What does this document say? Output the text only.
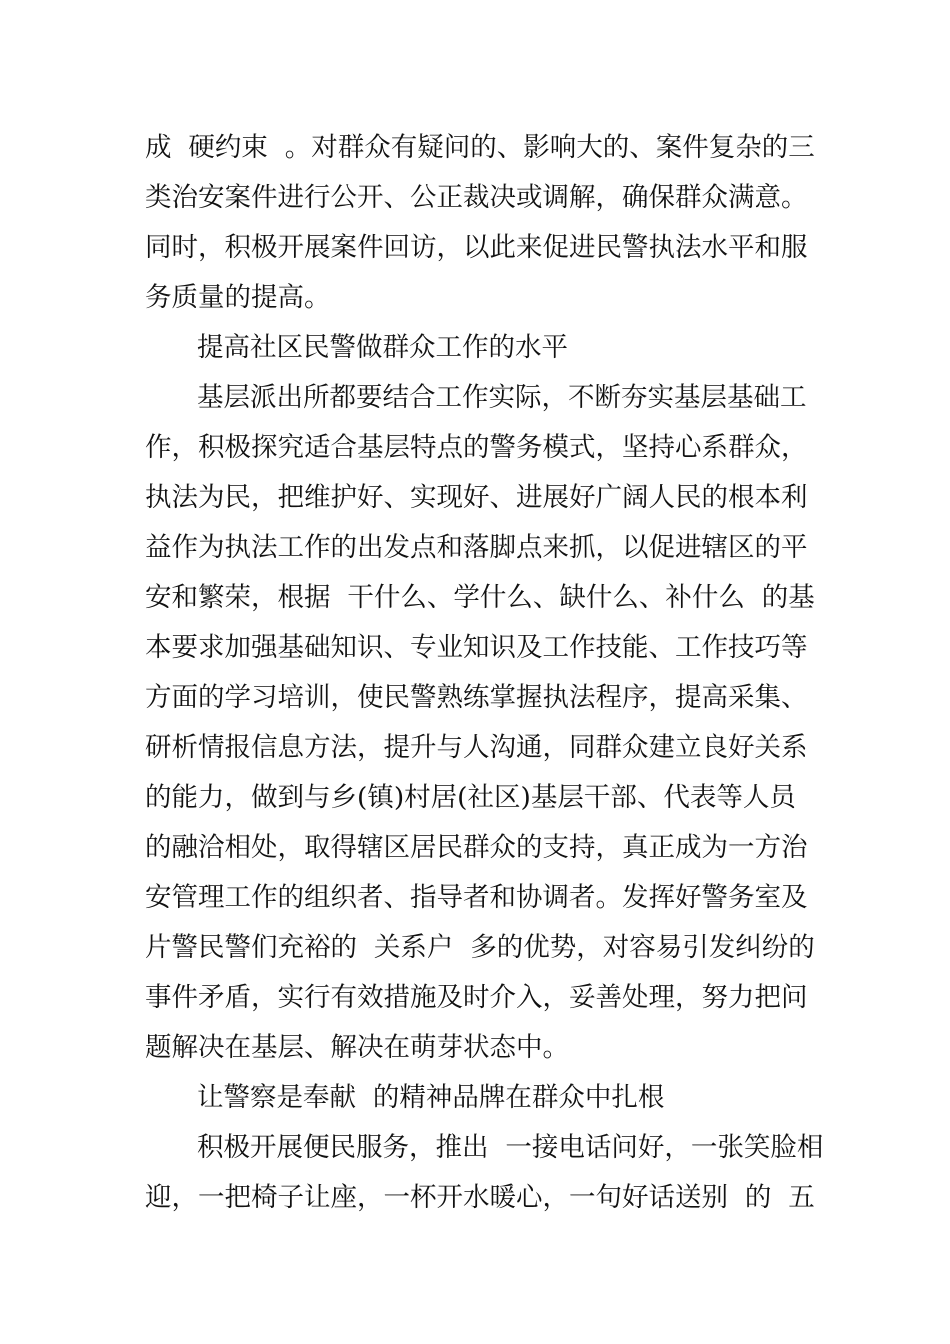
成  硬约束  。对群众有疑问的、影响大的、案件复杂的三
类治安案件进行公开、公正裁决或调解，确保群众满意。
同时，积极开展案件回访，以此来促进民警执法水平和服
务质量的提高。
提高社区民警做群众工作的水平
基层派出所都要结合工作实际，不断夯实基层基础工
作，积极探究适合基层特点的警务模式，坚持心系群众，
执法为民，把维护好、实现好、进展好广阔人民的根本利
益作为执法工作的出发点和落脚点来抓，以促进辖区的平
安和繁荣，根据  干什么、学什么、缺什么、补什么  的基
本要求加强基础知识、专业知识及工作技能、工作技巧等
方面的学习培训，使民警熟练掌握执法程序，提高采集、
研析情报信息方法，提升与人沟通，同群众建立良好关系
的能力，做到与乡(镇)村居(社区)基层干部、代表等人员
的融洽相处，取得辖区居民群众的支持，真正成为一方治
安管理工作的组织者、指导者和协调者。发挥好警务室及
片警民警们充裕的  关系户  多的优势，对容易引发纠纷的
事件矛盾，实行有效措施及时介入，妥善处理，努力把问
题解决在基层、解决在萌芽状态中。
让警察是奉献  的精神品牌在群众中扎根
积极开展便民服务，推出  一接电话问好，一张笑脸相
迎，一把椅子让座，一杯开水暖心，一句好话送别  的  五
